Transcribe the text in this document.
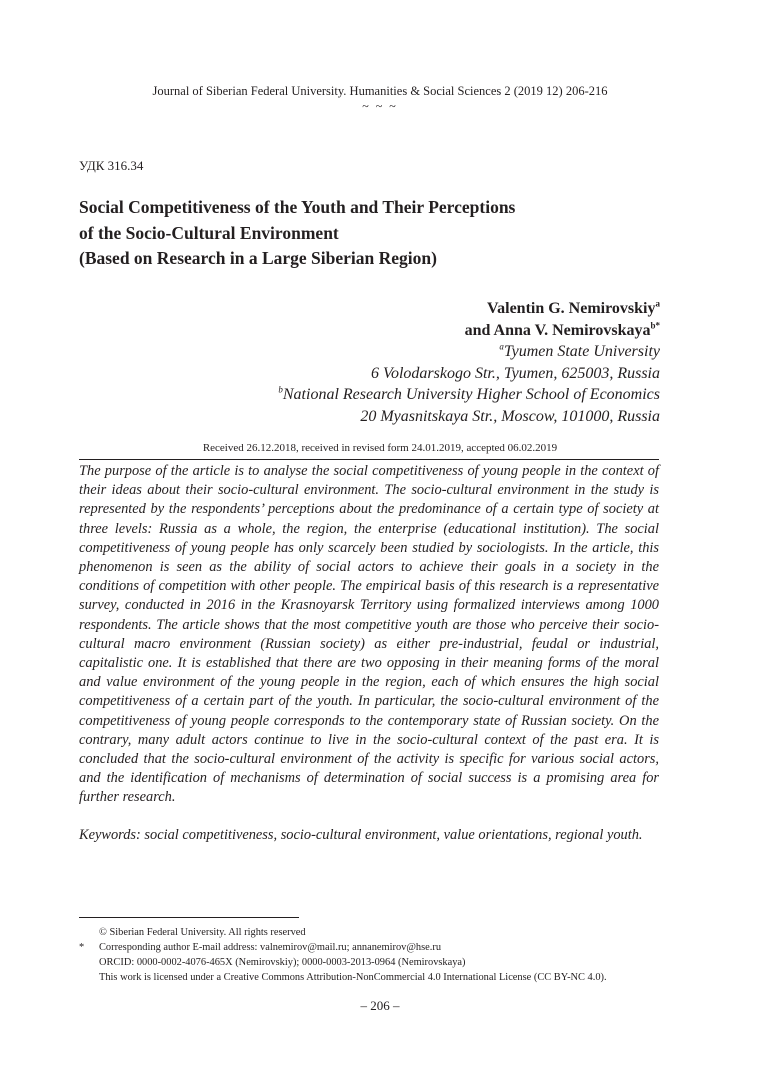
Journal of Siberian Federal University. Humanities & Social Sciences 2 (2019 12) 206-216
~ ~ ~
УДК 316.34
Social Competitiveness of the Youth and Their Perceptions
of the Socio-Cultural Environment
(Based on Research in a Large Siberian Region)
Valentin G. Nemirovskiy$^a$
and Anna V. Nemirovskaya$^{b*}$
$^a$Tyumen State University
6 Volodarskogo Str., Tyumen, 625003, Russia
$^b$National Research University Higher School of Economics
20 Myasnitskaya Str., Moscow, 101000, Russia
Received 26.12.2018, received in revised form 24.01.2019, accepted 06.02.2019
The purpose of the article is to analyse the social competitiveness of young people in the context of their ideas about their socio-cultural environment. The socio-cultural environment in the study is represented by the respondents’ perceptions about the predominance of a certain type of society at three levels: Russia as a whole, the region, the enterprise (educational institution). The social competitiveness of young people has only scarcely been studied by sociologists. In the article, this phenomenon is seen as the ability of social actors to achieve their goals in a society in the conditions of competition with other people. The empirical basis of this research is a representative survey, conducted in 2016 in the Krasnoyarsk Territory using formalized interviews among 1000 respondents. The article shows that the most competitive youth are those who perceive their socio-cultural macro environment (Russian society) as either pre-industrial, feudal or industrial, capitalistic one. It is established that there are two opposing in their meaning forms of the moral and value environment of the young people in the region, each of which ensures the high social competitiveness of a certain part of the youth. In particular, the socio-cultural environment of the competitiveness of young people corresponds to the contemporary state of Russian society. On the contrary, many adult actors continue to live in the socio-cultural context of the past era. It is concluded that the socio-cultural environment of the activity is specific for various social actors, and the identification of mechanisms of determination of social success is a promising area for further research.
Keywords: social competitiveness, socio-cultural environment, value orientations, regional youth.
© Siberian Federal University. All rights reserved
*	Corresponding author E-mail address: valnemirov@mail.ru; annanemirov@hse.ru
ORCID: 0000-0002-4076-465X (Nemirovskiy); 0000-0003-2013-0964 (Nemirovskaya)
This work is licensed under a Creative Commons Attribution-NonCommercial 4.0 International License (CC BY-NC 4.0).
– 206 –
